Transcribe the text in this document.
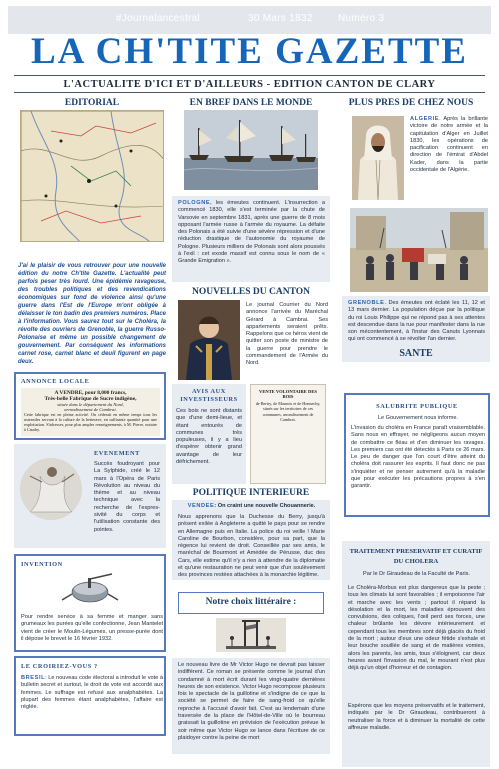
#Journalancestral	30 Mars 1832	Numéro 3
LA CH'TITE GAZETTE
L'ACTUALITE D'ICI ET D'AILLEURS - EDITION CANTON DE CLARY
EDITORIAL
J'ai le plaisir de vous retrouver pour une nouvelle édition du notre Ch'tite Gazette. L'actualité peut parfois peser très lourd. Une épidémie ravageuse, des troubles politiques et des revendications économiques sur fond de violence ainsi qu'une guerre dans l'Est de l'Europe m'ont obligée à délaisser le ton badin des premiers numéros. Place à l'information. Vous saurez tout sur le Choléra, la révolte des ouvriers de Grenoble, la guerre Russo-Polonaise et même un possible changement de gouvernement. Par conséquent les informations carnet rose, carnet blanc et deuil figurent en page deux.
ANNONCE LOCALE
A VENDRE, pour 8,000 francs,
Très-belle Fabrique de Sucre indigène,
située dans le département du Nord,
arrondissement de Cambrai.
Cette fabrique est en pleine activité. On céderait en même temps tous les ustensiles servant à la culture de la betterave, en suffisante quantité pour une exploitation. S'adresser, pour plus amples renseignements, à M. Pierre, notaire à Caudry.
EVENEMENT
Succès foudroyant pour La Sylphide, créé le 12 mars à l'Opéra de Paris Révolution au niveau du thème et au niveau technique avec la recherche de l'expres-sivité du corps et l'utilisation constante des pointes.
INVENTION
Pour rendre service à sa femme et manger sans grumeaux les purées qu'elle confectionne, Jean Mantelet vient de créer le Moulin-Légumes, un presse-purée dont il dépose le brevet le 16 février 1932.
LE CROIRIEZ-VOUS ?
BRESIL: Le nouveau code électoral a introduit le vote à bulletin secret et surtout, le droit de vote est accordé aux femmes. Le suffrage est refusé aux analphabètes. La plupart des femmes étant analphabètes, l'affaire est réglée.
EN BREF DANS LE MONDE
POLOGNE, les émeutes continuent. L'insurrection a commencé 1830, elle s'est terminée par la chute de Varsovie en septembre 1831, après une guerre de 8 mois opposant l'armée russe à l'armée du royaume. La défaite des Polonais a été suivie d'une sévère répression et d'une réduction drastique de l'autonomie du royaume de Pologne. Plusieurs milliers de Polonais sont alors poussés à l'exil : cet exode massif est connu sous le nom de « Grande Emigration ».
NOUVELLES DU CANTON
Le journal Courrier du Nord annonce l'arrivée du Maréchal Gérard à Cambrai. Ses appartements seraient prêts. Rappelons que ce héros vient de quitter son poste de ministre de la guerre pour prendre le commandement de l'Armée du Nord.
AVIS AUX INVESTISSEURS
Ces bois ne sont distants que d'une demi-lieue, et étant entourés de communes très populeuses, il y a lieu d'espérer obtenir grand avantage de leur défrichement.
VENTE VOLONTAIRE DES BOIS
de Bertry, de Maurois et de Honnechy, situés sur les territoires de ces communes, arrondissement de Cambrai.
POLITIQUE INTERIEURE
VENDEE: On craint une nouvelle Chouannerie.
Nous apprenons que la Duchesse du Berry, jusqu'à présent exilée à Angleterre a quitté le pays pour se rendre en Allemagne puis en Italie. La police du roi veille ! Marie Caroline de Bourbon, considère, pour sa part, que la régence lui revient de droit. Conseillée par ses amis, le maréchal de Bourmont et Amédée de Pérusse, duc des Cars, elle estime qu'il n'y a rien à attendre de la diplomatie et qu'une restauration ne peut venir que d'un soulèvement des provinces restées attachées à la monarchie légitime.
Notre choix littéraire :
Le nouveau livre de Mr Victor Hugo ne devrait pas laisser indifférent. Ce roman se présente comme le journal d'un condamné à mort écrit durant les vingt-quatre dernières heures de son existence. Victor Hugo recompose plusieurs fois le spectacle de la guillotine et s'indigne de ce que la société se permet de faire de sang-froid ce qu'elle reproche à l'accusé d'avoir fait. C'est au lendemain d'une traversée de la place de l'Hôtel-de-Ville où le bourreau graissait la guillotine en prévision de l'exécution prévue le soir même que Victor Hugo se lance dans l'écriture de ce plaidoyer contre la peine de mort
PLUS PRES DE CHEZ NOUS
ALGERIE. Après la brillante victoire de notre armée et la capitulation d'Alger en Juillet 1830, les opérations de pacification continuent en direction de l'émirat d'Abdel Kader, dans la partie occidentale de l'Algérie.
GRENOBLE. Des émeutes ont éclaté les 11, 12 et 13 mars dernier. La population déçue par la politique du roi Louis Philippe qui ne répond pas à ses attentes est descendue dans la rue pour manifester dans la rue son mécontentement, à l'instar des Canuts Lyonnais qui ont commencé à se révolter l'an dernier.
SANTE
SALUBRITE PUBLIQUE
Le Gouvernement nous informe.
L'invasion du choléra en France paraît vraisemblable. Sans nous en effrayer, ne négligeons aucun moyen de combattre ce fléau et d'en diminuer les ravages. Les premiers cas ont été détectés à Paris ce 26 mars. Le peu de danger que l'on court d'être atteint du choléra doit rassurer les esprits. Il faut donc ne pas s'inquiéter et ne penser autrement qu'à la maladie que pour exécuter les précautions propres à s'en garantir.
TRAITEMENT PRESERVATIF ET CURATIF DU CHOLERA
Par le Dr Giraudeau de la Faculté de Paris.
Le Choléra-Morbus est plus dangereux que la peste ; tous les climats lui sont favorables ; il empoisonne l'air et marche avec les vents ; partout il répand la désolation et la mort, les maladies éprouvent des convulsions, des coliques, l'œil perd ses forces, une chaleur brûlante les dévore intérieurement et cependant tous les membres sont déjà glacés du froid de la mort ; autour d'eux une odeur fétide s'exhale et leur bouche souillée de sang et de matières vomies, alors les parents, les amis, tous s'éloignent, car deux heures avant l'invasion du mal, le mourant n'est plus déjà qu'un objet d'horreur et de contagion.
Espérons que les moyens préservatifs et le traitement, indiqués par le Dr Giraudeau, contribueront à neutraliser la force et à diminuer la mortalité de cette affreuse maladie.
